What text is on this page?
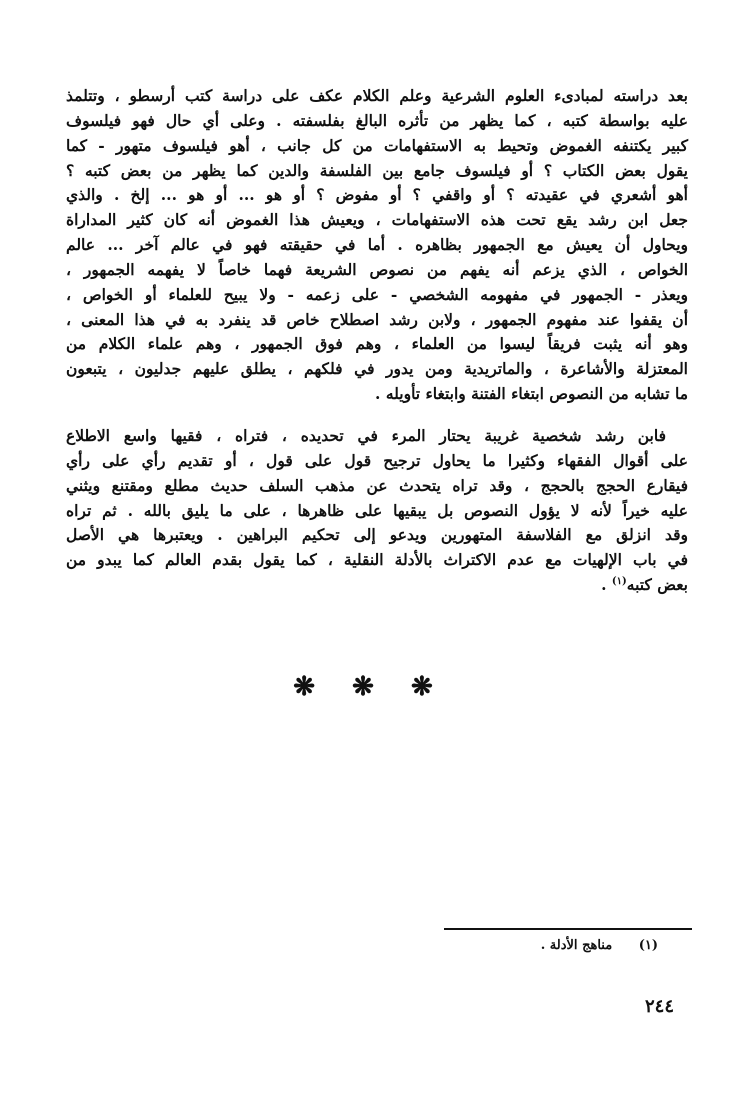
بعد دراسته لمبادىء العلوم الشرعية وعلم الكلام عكف على دراسة كتب أرسطو ، وتتلمذ
عليه بواسطة كتبه ، كما يظهر من تأثره البالغ بفلسفته . وعلى أي حال فهو فيلسوف
كبير يكتنفه الغموض وتحيط به الاستفهامات من كل جانب ، أهو فيلسوف متهور - كما
يقول بعض الكتاب ؟ أو فيلسوف جامع بين الفلسفة والدين كما يظهر من بعض كتبه ؟
أهو أشعري في عقيدته ؟ أو واقفي ؟ أو مفوض ؟ أو هو ... أو هو ... إلخ . والذي
جعل ابن رشد يقع تحت هذه الاستفهامات ، ويعيش هذا الغموض أنه كان كثير المداراة
ويحاول أن يعيش مع الجمهور بظاهره . أما في حقيقته فهو في عالم آخر ... عالم
الخواص ، الذي يزعم أنه يفهم من نصوص الشريعة فهما خاصاً لا يفهمه الجمهور ،
ويعذر - الجمهور في مفهومه الشخصي - على زعمه - ولا يبيح للعلماء أو الخواص ،
أن يقفوا عند مفهوم الجمهور ، ولابن رشد اصطلاح خاص قد ينفرد به في هذا المعنى ،
وهو أنه يثبت فريقاً ليسوا من العلماء ، وهم فوق الجمهور ، وهم علماء الكلام من
المعتزلة والأشاعرة ، والماتريدية ومن يدور في فلكهم ، يطلق عليهم جدليون ، يتبعون
ما تشابه من النصوص ابتغاء الفتنة وابتغاء تأويله .
فابن رشد شخصية غريبة يحتار المرء في تحديده ، فتراه ، فقيها واسع الاطلاع
على أقوال الفقهاء وكثيرا ما يحاول ترجيح قول على قول ، أو تقديم رأي على رأي
فيقارع الحجج بالحجج ، وقد تراه يتحدث عن مذهب السلف حديث مطلع ومقتنع ويثني
عليه خيراً لأنه لا يؤول النصوص بل يبقيها على ظاهرها ، على ما يليق بالله . ثم تراه
وقد انزلق مع الفلاسفة المتهورين ويدعو إلى تحكيم البراهين . ويعتبرها هي الأصل
في باب الإلهيات مع عدم الاكتراث بالأدلة النقلية ، كما يقول بقدم العالم كما يبدو من
بعض كتبه$^{(١)}$ .
❋ ❋ ❋
(١) مناهج الأدلة .
٢٤٤
